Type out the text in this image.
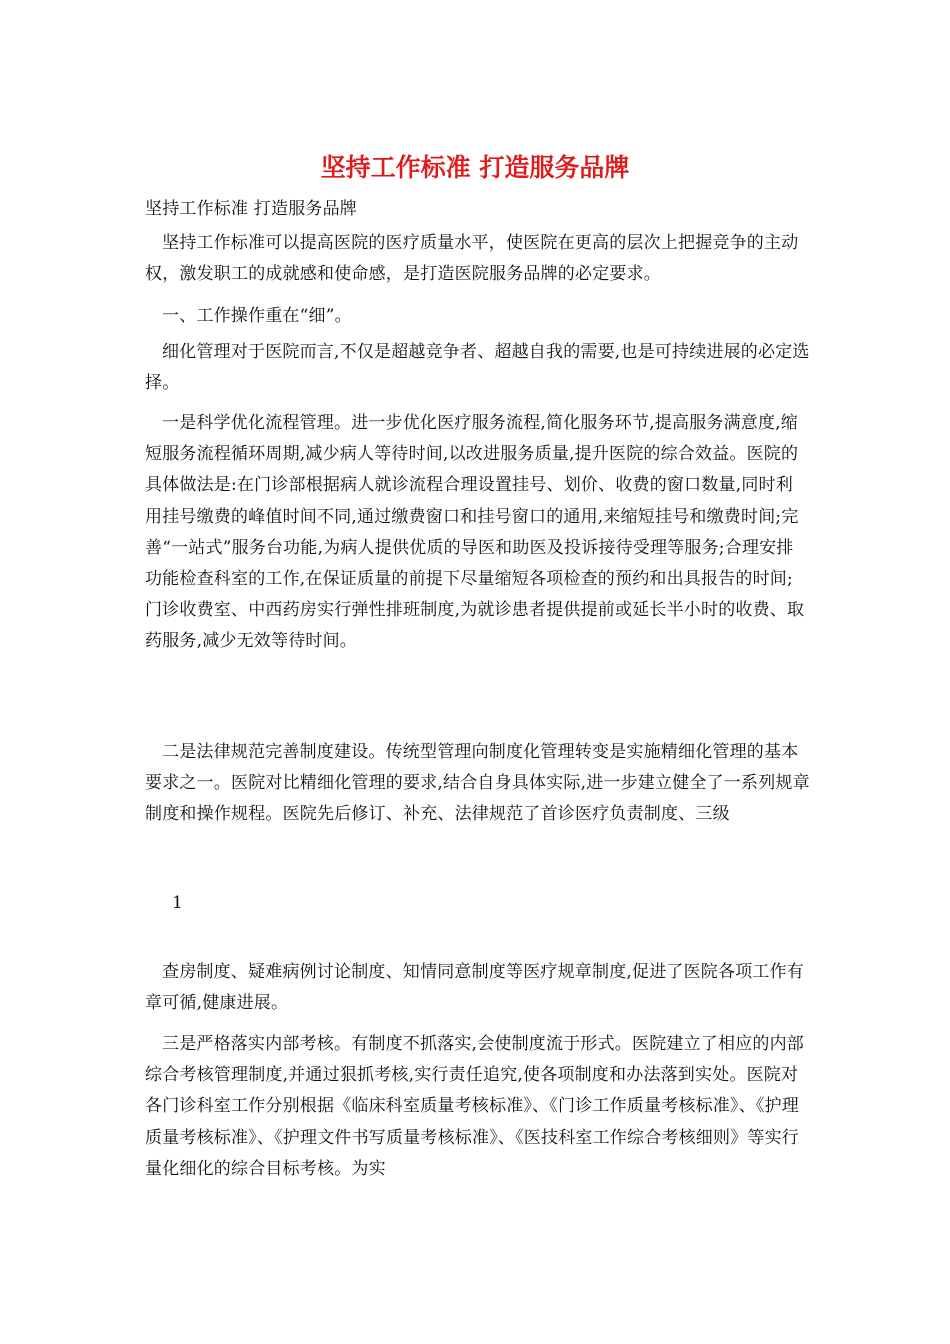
坚持工作标准 打造服务品牌

坚持工作标准 打造服务品牌

坚持工作标准可以提高医院的医疗质量水平，使医院在更高的层次上把握竞争的主动权，激发职工的成就感和使命感，是打造医院服务品牌的必定要求。

一、工作操作重在“细”。

细化管理对于医院而言,不仅是超越竞争者、超越自我的需要,也是可持续进展的必定选择。

一是科学优化流程管理。进一步优化医疗服务流程,简化服务环节,提高服务满意度,缩短服务流程循环周期,减少病人等待时间,以改进服务质量,提升医院的综合效益。医院的具体做法是:在门诊部根据病人就诊流程合理设置挂号、划价、收费的窗口数量,同时利用挂号缴费的峰值时间不同,通过缴费窗口和挂号窗口的通用,来缩短挂号和缴费时间;完善“一站式”服务台功能,为病人提供优质的导医和助医及投诉接待受理等服务;合理安排功能检查科室的工作,在保证质量的前提下尽量缩短各项检查的预约和出具报告的时间;门诊收费室、中西药房实行弹性排班制度,为就诊患者提供提前或延长半小时的收费、取药服务,减少无效等待时间。

二是法律规范完善制度建设。传统型管理向制度化管理转变是实施精细化管理的基本要求之一。医院对比精细化管理的要求,结合自身具体实际,进一步建立健全了一系列规章制度和操作规程。医院先后修订、补充、法律规范了首诊医疗负责制度、三级

1

查房制度、疑难病例讨论制度、知情同意制度等医疗规章制度,促进了医院各项工作有章可循,健康进展。

三是严格落实内部考核。有制度不抓落实,会使制度流于形式。医院建立了相应的内部综合考核管理制度,并通过狠抓考核,实行责任追究,使各项制度和办法落到实处。医院对各门诊科室工作分别根据《临床科室质量考核标准》、《门诊工作质量考核标准》、《护理质量考核标准》、《护理文件书写质量考核标准》、《医技科室工作综合考核细则》等实行量化细化的综合目标考核。为实
